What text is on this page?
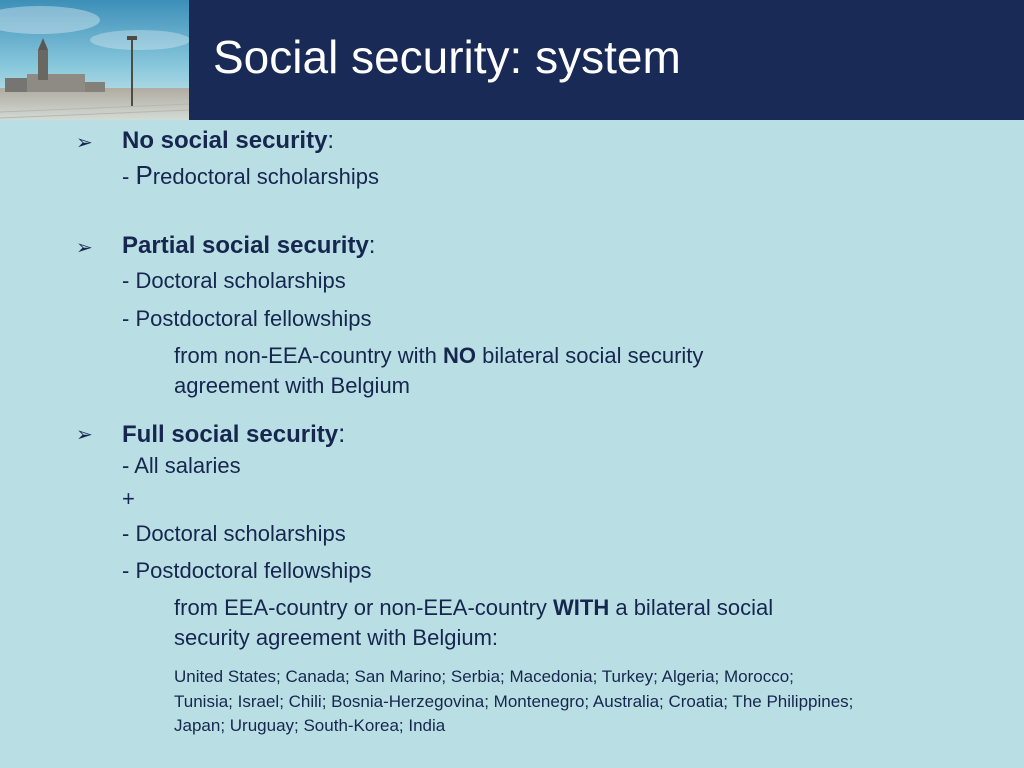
Social security: system
➢ No social security:
- Predoctoral scholarships
➢ Partial social security:
- Doctoral scholarships
- Postdoctoral fellowships
from non-EEA-country with NO bilateral social security
agreement with Belgium
➢ Full social security:
- All salaries
+
- Doctoral scholarships
- Postdoctoral fellowships
from EEA-country or non-EEA-country WITH a bilateral social
security agreement with Belgium:
United States; Canada; San Marino; Serbia; Macedonia; Turkey; Algeria; Morocco;
Tunisia; Israel; Chili; Bosnia-Herzegovina; Montenegro; Australia; Croatia; The Philippines;
Japan; Uruguay; South-Korea; India
